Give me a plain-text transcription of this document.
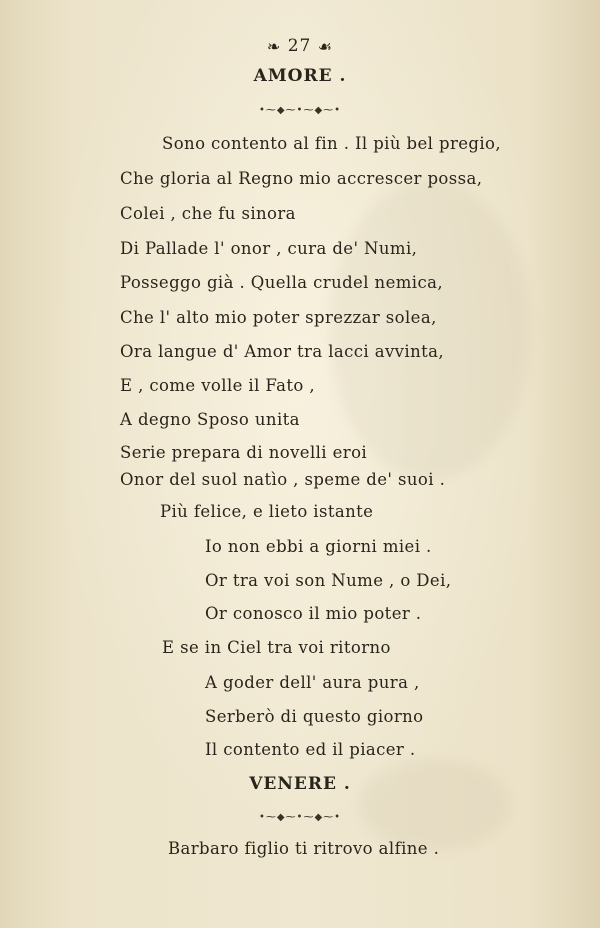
❧ 27 ☙
AMORE .
•⁓◆⁓•⁓◆⁓•
Sono contento al fin . Il più bel pregio,
Che gloria al Regno mio accrescer possa,
Colei , che fu sinora
Di Pallade l' onor , cura de' Numi,
Posseggo già . Quella crudel nemica,
Che l' alto mio poter sprezzar solea,
Ora langue d' Amor tra lacci avvinta,
E , come volle il Fato ,
A degno Sposo unita
Serie prepara di novelli eroi
Onor del suol natìo , speme de' suoi .
Più felice, e lieto istante
Io non ebbi a giorni miei .
Or tra voi son Nume , o Dei,
Or conosco il mio poter .
E se in Ciel tra voi ritorno
A goder dell' aura pura ,
Serberò di questo giorno
Il contento ed il piacer .
VENERE .
•⁓◆⁓•⁓◆⁓•
Barbaro figlio ti ritrovo alfine .
